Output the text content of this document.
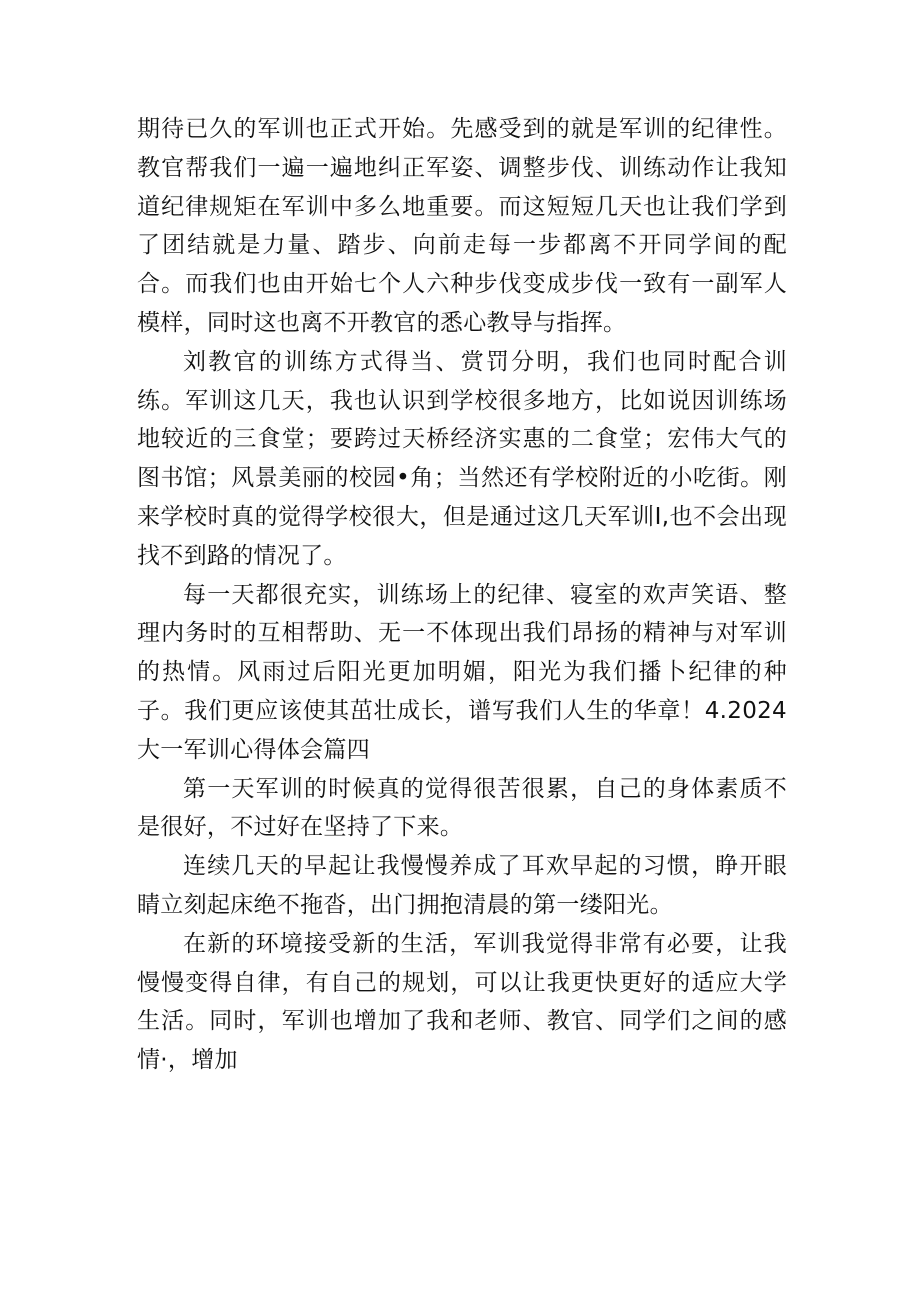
期待已久的军训也正式开始。先感受到的就是军训的纪律性。教官帮我们一遍一遍地纠正军姿、调整步伐、训练动作让我知道纪律规矩在军训中多么地重要。而这短短几天也让我们学到了团结就是力量、踏步、向前走每一步都离不开同学间的配合。而我们也由开始七个人六种步伐变成步伐一致有一副军人模样，同时这也离不开教官的悉心教导与指挥。

刘教官的训练方式得当、赏罚分明，我们也同时配合训练。军训这几天，我也认识到学校很多地方，比如说因训练场地较近的三食堂；要跨过天桥经济实惠的二食堂；宏伟大气的图书馆；风景美丽的校园•角；当然还有学校附近的小吃街。刚来学校时真的觉得学校很大，但是通过这几天军训I,也不会出现找不到路的情况了。

每一天都很充实，训练场上的纪律、寝室的欢声笑语、整理内务时的互相帮助、无一不体现出我们昂扬的精神与对军训的热情。风雨过后阳光更加明媚，阳光为我们播卜纪律的种子。我们更应该使其茁壮成长，谱写我们人生的华章！4.2024大一军训心得体会篇四

第一天军训的时候真的觉得很苦很累，自己的身体素质不是很好，不过好在坚持了下来。

连续几天的早起让我慢慢养成了耳欢早起的习惯，睁开眼睛立刻起床绝不拖沓，出门拥抱清晨的第一缕阳光。

在新的环境接受新的生活，军训我觉得非常有必要，让我慢慢变得自律，有自己的规划，可以让我更快更好的适应大学生活。同时，军训也增加了我和老师、教官、同学们之间的感情·，增加
